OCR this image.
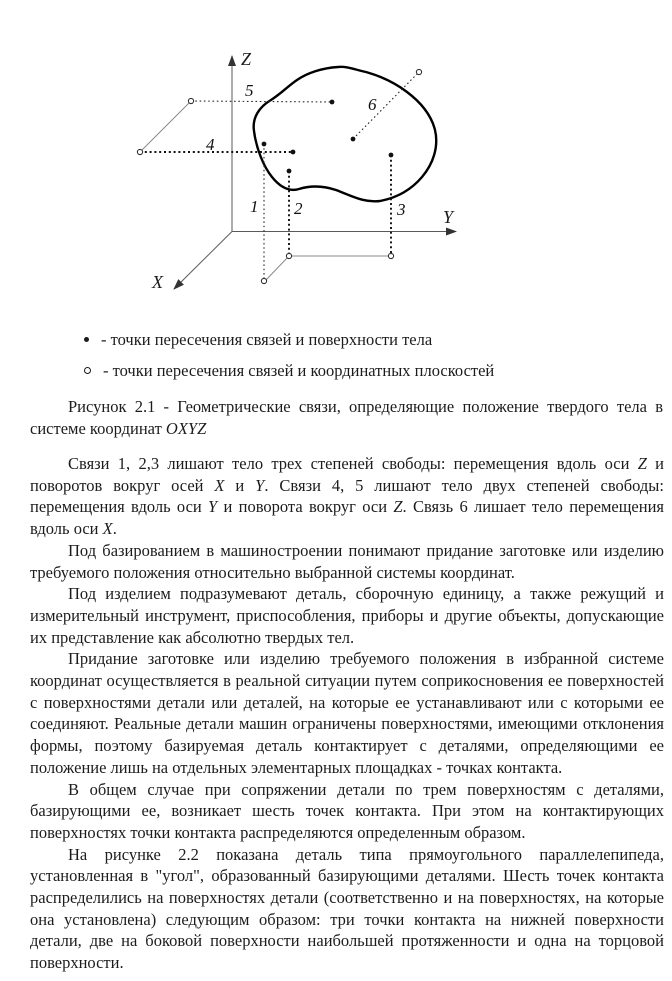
Z
Y
X
5
4
6
1 2	3
- точки пересечения связей и поверхности тела
- точки пересечения связей и координатных плоскостей
Рисунок 2.1 - Геометрические связи, определяющие положение твердого тела в системе координат OXYZ

Связи 1, 2,3 лишают тело трех степеней свободы: перемещения вдоль оси Z и поворотов вокруг осей X и Y. Связи 4, 5 лишают тело двух степеней свободы: перемещения вдоль оси Y и поворота вокруг оси Z. Связь 6 лишает тело перемещения вдоль оси X.

Под базированием в машиностроении понимают придание заготовке или изделию требуемого положения относительно выбранной системы координат.

Под изделием подразумевают деталь, сборочную единицу, а также режущий и измерительный инструмент, приспособления, приборы и другие объекты, допускающие их представление как абсолютно твердых тел.

Придание заготовке или изделию требуемого положения в избранной системе координат осуществляется в реальной ситуации путем соприкосновения ее поверхностей с поверхностями детали или деталей, на которые ее устанавливают или с которыми ее соединяют. Реальные детали машин ограничены поверхностями, имеющими отклонения формы, поэтому базируемая деталь контактирует с деталями, определяющими ее положение лишь на отдельных элементарных площадках - точках контакта.

В общем случае при сопряжении детали по трем поверхностям с деталями, базирующими ее, возникает шесть точек контакта. При этом на контактирующих поверхностях точки контакта распределяются определенным образом.

На рисунке 2.2 показана деталь типа прямоугольного параллелепипеда, установленная в "угол", образованный базирующими деталями. Шесть точек контакта распределились на поверхностях детали (соответственно и на поверхностях, на которые она установлена) следующим образом: три точки контакта на нижней поверхности детали, две на боковой поверхности наибольшей протяженности и одна на торцовой поверхности.
